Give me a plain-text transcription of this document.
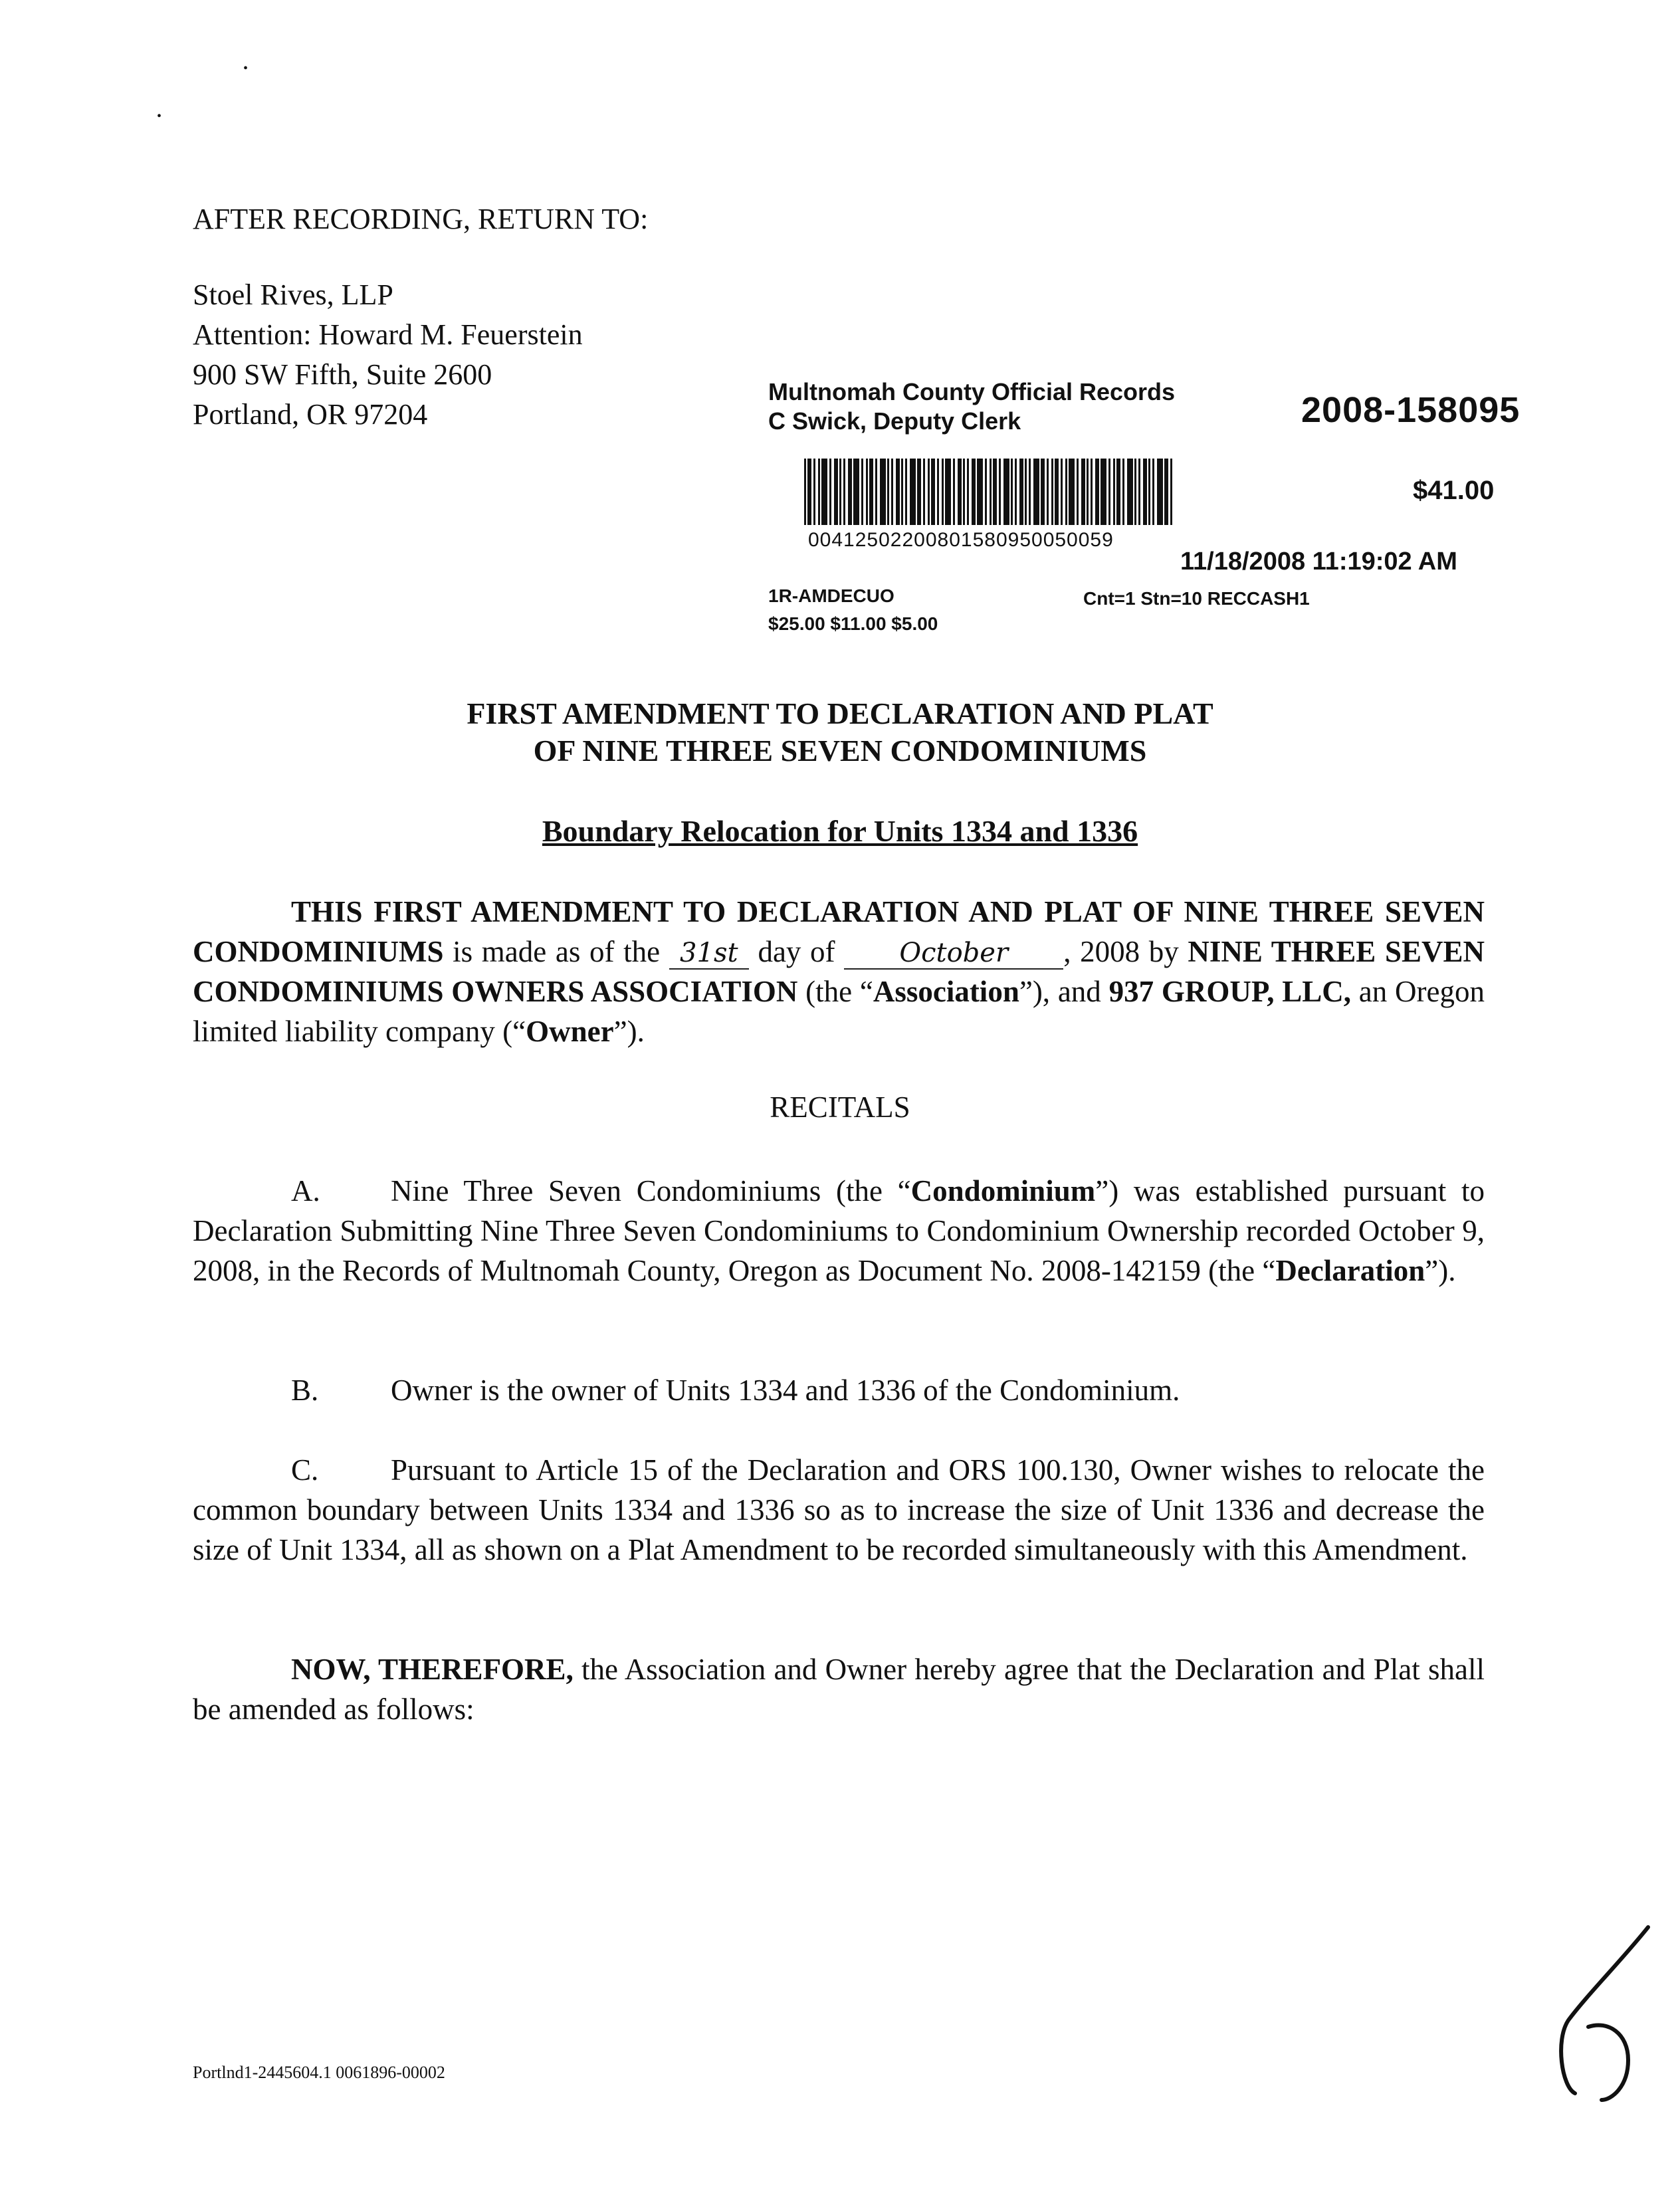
•
•
AFTER RECORDING, RETURN TO:
Stoel Rives, LLP
Attention: Howard M. Feuerstein
900 SW Fifth, Suite 2600
Portland, OR 97204
Multnomah County Official Records
C Swick, Deputy Clerk	2008-158095
$41.00
00412502200801580950050059
11/18/2008 11:19:02 AM
1R-AMDECUO	Cnt=1 Stn=10 RECCASH1
$25.00 $11.00 $5.00
FIRST AMENDMENT TO DECLARATION AND PLAT
OF NINE THREE SEVEN CONDOMINIUMS
Boundary Relocation for Units 1334 and 1336
THIS FIRST AMENDMENT TO DECLARATION AND PLAT OF NINE THREE SEVEN CONDOMINIUMS is made as of the 31st day of October , 2008 by NINE THREE SEVEN CONDOMINIUMS OWNERS ASSOCIATION (the “Association”), and 937 GROUP, LLC, an Oregon limited liability company (“Owner”).
RECITALS
A. Nine Three Seven Condominiums (the “Condominium”) was established pursuant to Declaration Submitting Nine Three Seven Condominiums to Condominium Ownership recorded October 9, 2008, in the Records of Multnomah County, Oregon as Document No. 2008-142159 (the “Declaration”).
B. Owner is the owner of Units 1334 and 1336 of the Condominium.
C. Pursuant to Article 15 of the Declaration and ORS 100.130, Owner wishes to relocate the common boundary between Units 1334 and 1336 so as to increase the size of Unit 1336 and decrease the size of Unit 1334, all as shown on a Plat Amendment to be recorded simultaneously with this Amendment.
NOW, THEREFORE, the Association and Owner hereby agree that the Declaration and Plat shall be amended as follows:
Portlnd1-2445604.1 0061896-00002
